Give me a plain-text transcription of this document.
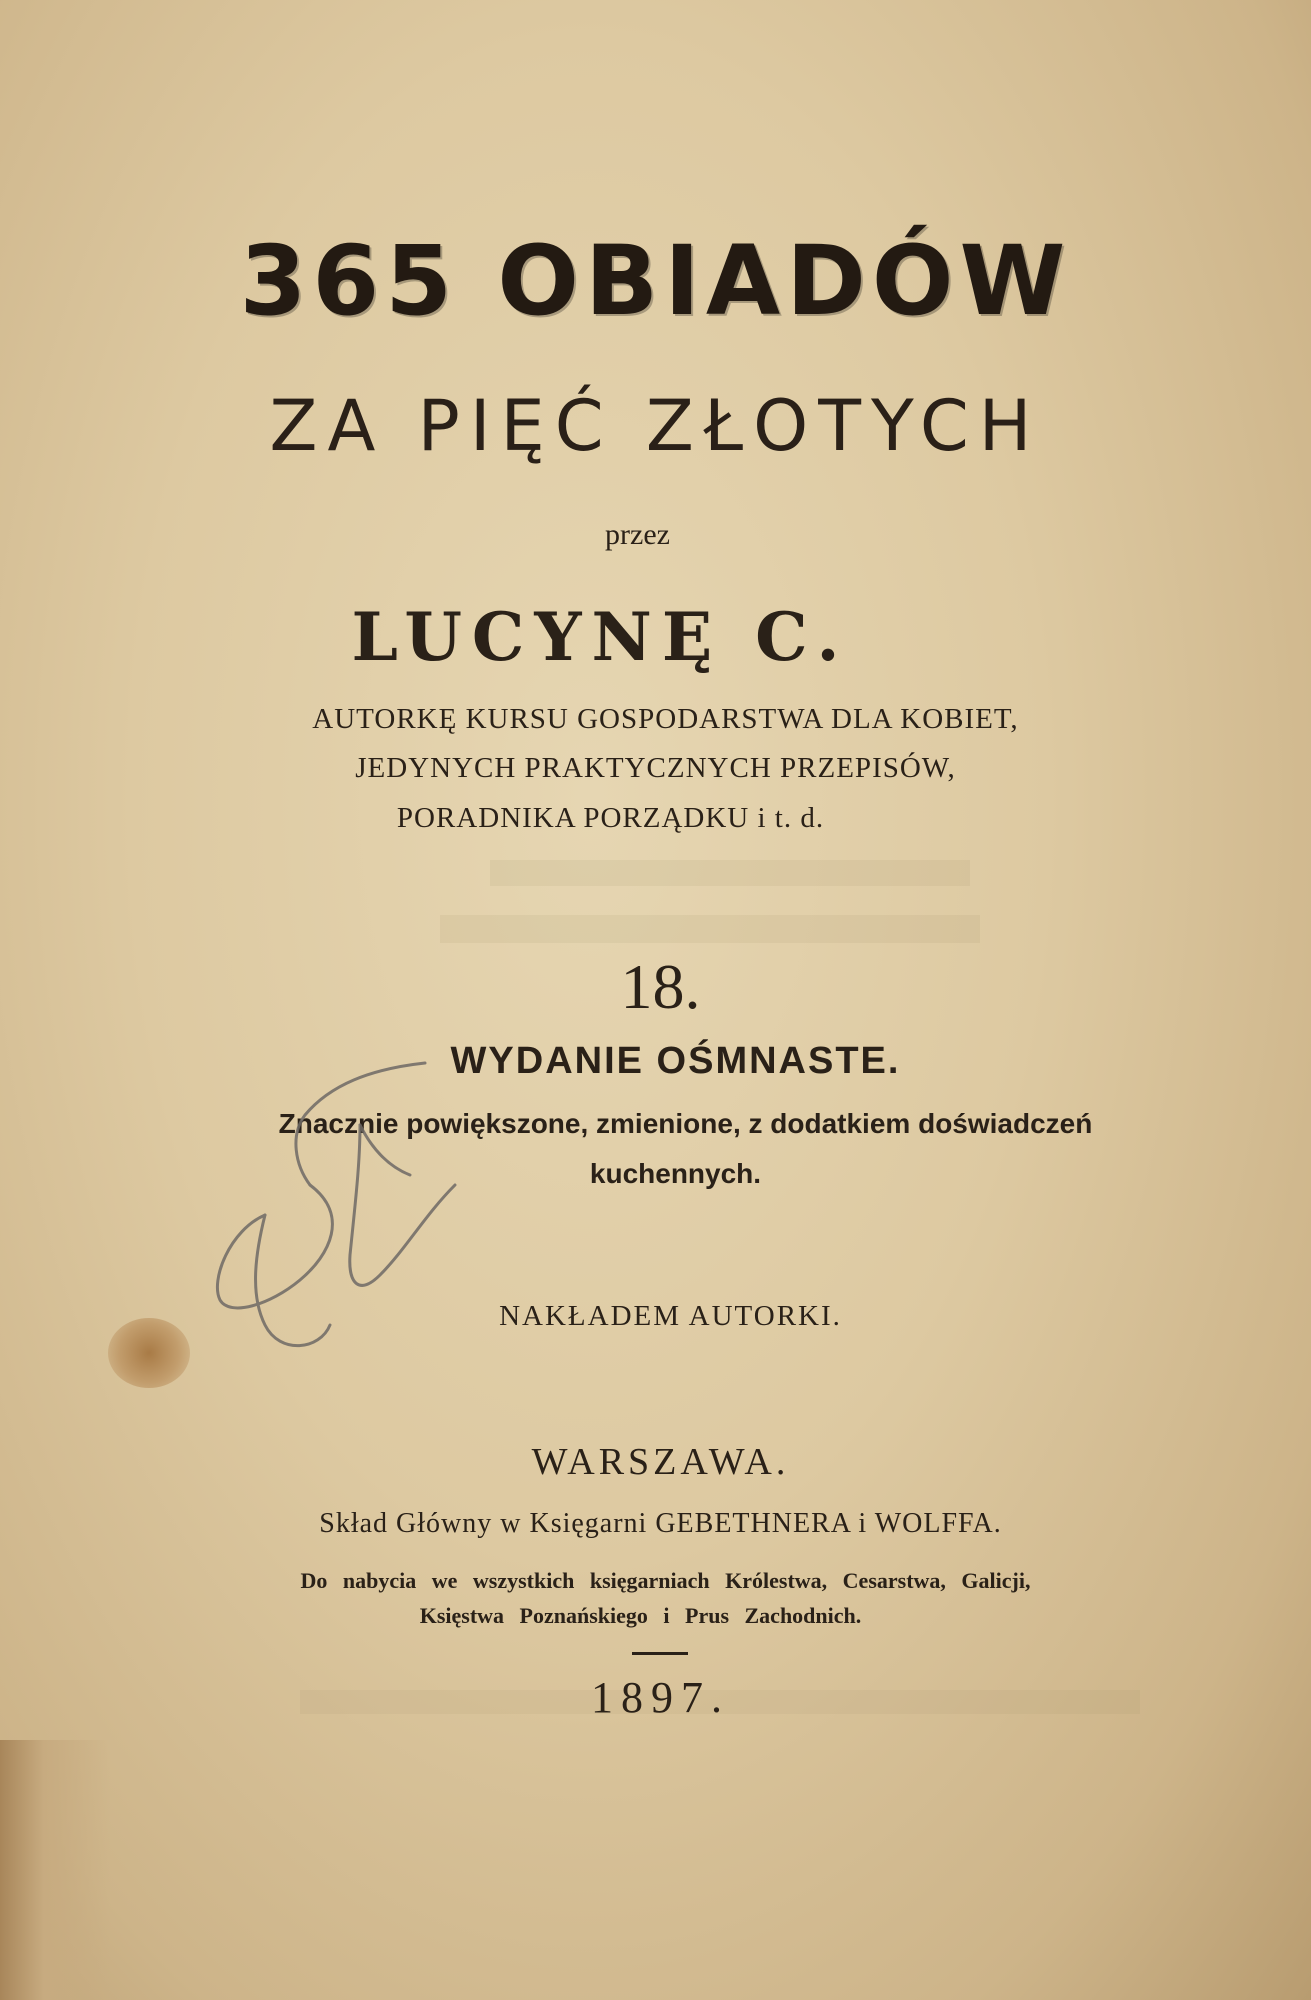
365 OBIADÓW
ZA PIĘĆ ZŁOTYCH
przez
LUCYNĘ C.
AUTORKĘ KURSU GOSPODARSTWA DLA KOBIET,
JEDYNYCH PRAKTYCZNYCH PRZEPISÓW,
PORADNIKA PORZĄDKU i t. d.
18.
WYDANIE OŚMNASTE.
Znacznie powiększone, zmienione, z dodatkiem doświadczeń
kuchennych.
NAKŁADEM AUTORKI.
WARSZAWA.
Skład Główny w Księgarni GEBETHNERA i WOLFFA.
Do nabycia we wszystkich księgarniach Królestwa, Cesarstwa, Galicji,
Księstwa Poznańskiego i Prus Zachodnich.
1897.
